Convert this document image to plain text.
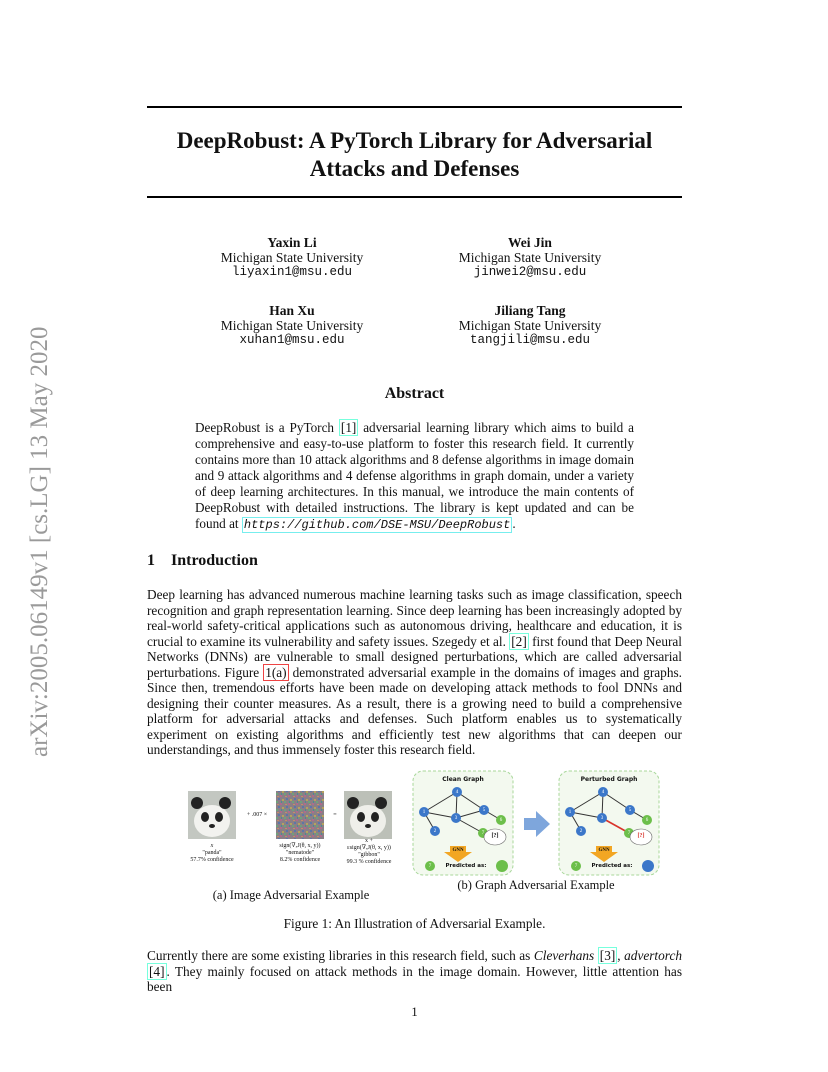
arXiv:2005.06149v1 [cs.LG] 13 May 2020
DeepRobust: A PyTorch Library for Adversarial
Attacks and Defenses
Yaxin Li
Michigan State University
liyaxin1@msu.edu
Wei Jin
Michigan State University
jinwei2@msu.edu
Han Xu
Michigan State University
xuhan1@msu.edu
Jiliang Tang
Michigan State University
tangjili@msu.edu
Abstract
DeepRobust is a PyTorch [1] adversarial learning library which aims to build a comprehensive and easy-to-use platform to foster this research field. It currently contains more than 10 attack algorithms and 8 defense algorithms in image domain and 9 attack algorithms and 4 defense algorithms in graph domain, under a variety of deep learning architectures. In this manual, we introduce the main contents of DeepRobust with detailed instructions. The library is kept updated and can be found at https://github.com/DSE-MSU/DeepRobust .
1    Introduction
Deep learning has advanced numerous machine learning tasks such as image classification, speech recognition and graph representation learning. Since deep learning has been increasingly adopted by real-world safety-critical applications such as autonomous driving, healthcare and education, it is crucial to examine its vulnerability and safety issues. Szegedy et al. [2] first found that Deep Neural Networks (DNNs) are vulnerable to small designed perturbations, which are called adversarial perturbations. Figure 1(a) demonstrated adversarial example in the domains of images and graphs. Since then, tremendous efforts have been made on developing attack methods to fool DNNs and designing their counter measures. As a result, there is a growing need to build a comprehensive platform for adversarial attacks and defenses. Such platform enables us to systematically experiment on existing algorithms and efficiently test new algorithms that can deepen our understandings, and thus immensely foster this research field.
+ .007 ×	=
x
"panda"
57.7% confidence
sign(∇ₓJ(θ, x, y))
"nematode"
8.2% confidence
x +
εsign(∇ₓJ(θ, x, y))
"gibbon"
99.3 % confidence
(a) Image Adversarial Example
Clean Graph	Perturbed Graph
4
1
2
3
5
6
7
4
1
2
3
5
6
7
[?]	[?]
GNN	GNN
7	7
Predicted as:	Predicted as:
(b) Graph Adversarial Example
Figure 1: An Illustration of Adversarial Example.
Currently there are some existing libraries in this research field, such as Cleverhans [3] , advertorch [4] . They mainly focused on attack methods in the image domain. However, little attention has been
1
